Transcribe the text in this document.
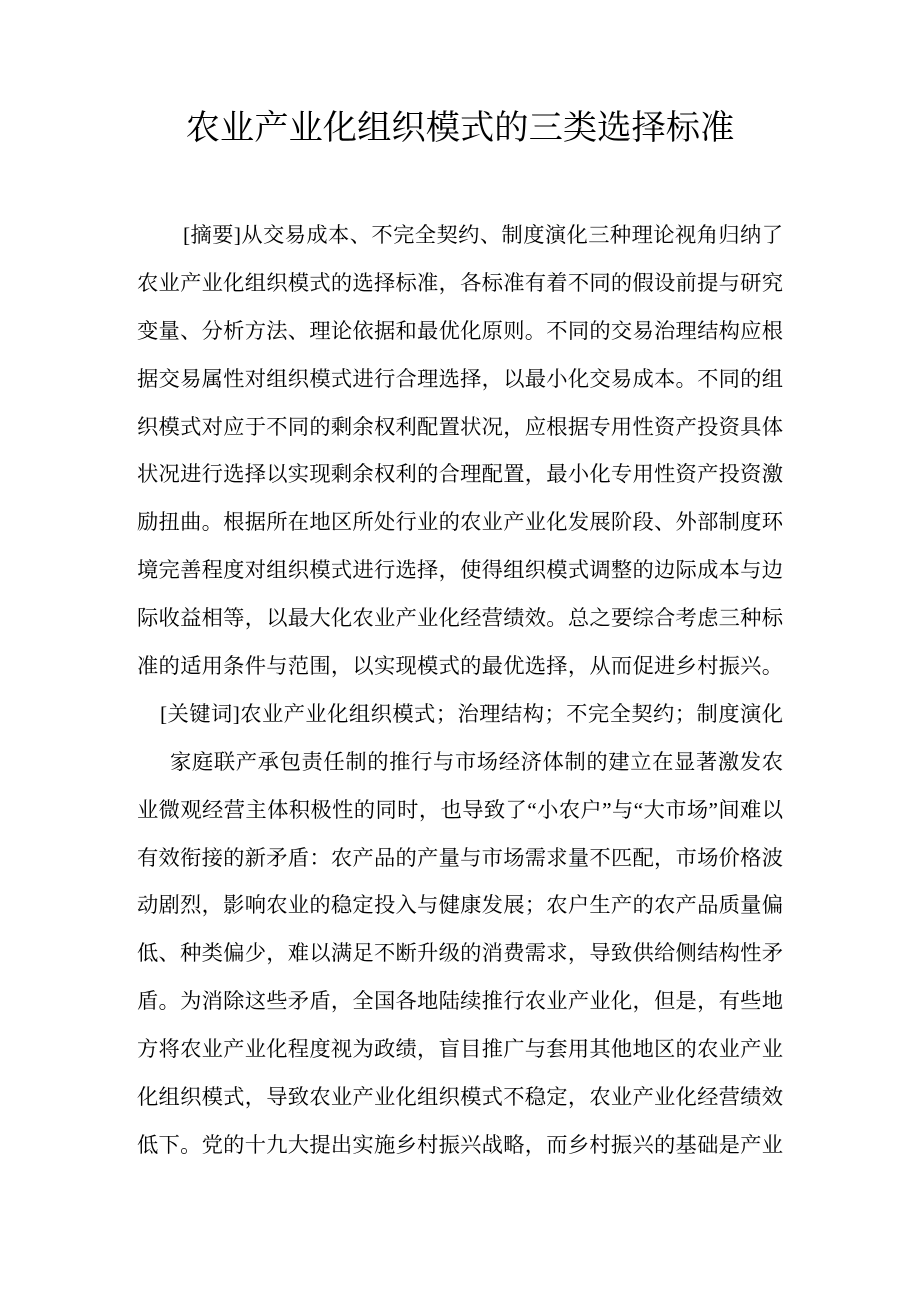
农业产业化组织模式的三类选择标准
[摘要]从交易成本、不完全契约、制度演化三种理论视角归纳了
农业产业化组织模式的选择标准，各标准有着不同的假设前提与研究
变量、分析方法、理论依据和最优化原则。不同的交易治理结构应根
据交易属性对组织模式进行合理选择，以最小化交易成本。不同的组
织模式对应于不同的剩余权利配置状况，应根据专用性资产投资具体
状况进行选择以实现剩余权利的合理配置，最小化专用性资产投资激
励扭曲。根据所在地区所处行业的农业产业化发展阶段、外部制度环
境完善程度对组织模式进行选择，使得组织模式调整的边际成本与边
际收益相等，以最大化农业产业化经营绩效。总之要综合考虑三种标
准的适用条件与范围，以实现模式的最优选择，从而促进乡村振兴。
[关键词]农业产业化组织模式；治理结构；不完全契约；制度演化
家庭联产承包责任制的推行与市场经济体制的建立在显著激发农
业微观经营主体积极性的同时，也导致了“小农户”与“大市场”间难以
有效衔接的新矛盾：农产品的产量与市场需求量不匹配，市场价格波
动剧烈，影响农业的稳定投入与健康发展；农户生产的农产品质量偏
低、种类偏少，难以满足不断升级的消费需求，导致供给侧结构性矛
盾。为消除这些矛盾，全国各地陆续推行农业产业化，但是，有些地
方将农业产业化程度视为政绩，盲目推广与套用其他地区的农业产业
化组织模式，导致农业产业化组织模式不稳定，农业产业化经营绩效
低下。党的十九大提出实施乡村振兴战略，而乡村振兴的基础是产业
